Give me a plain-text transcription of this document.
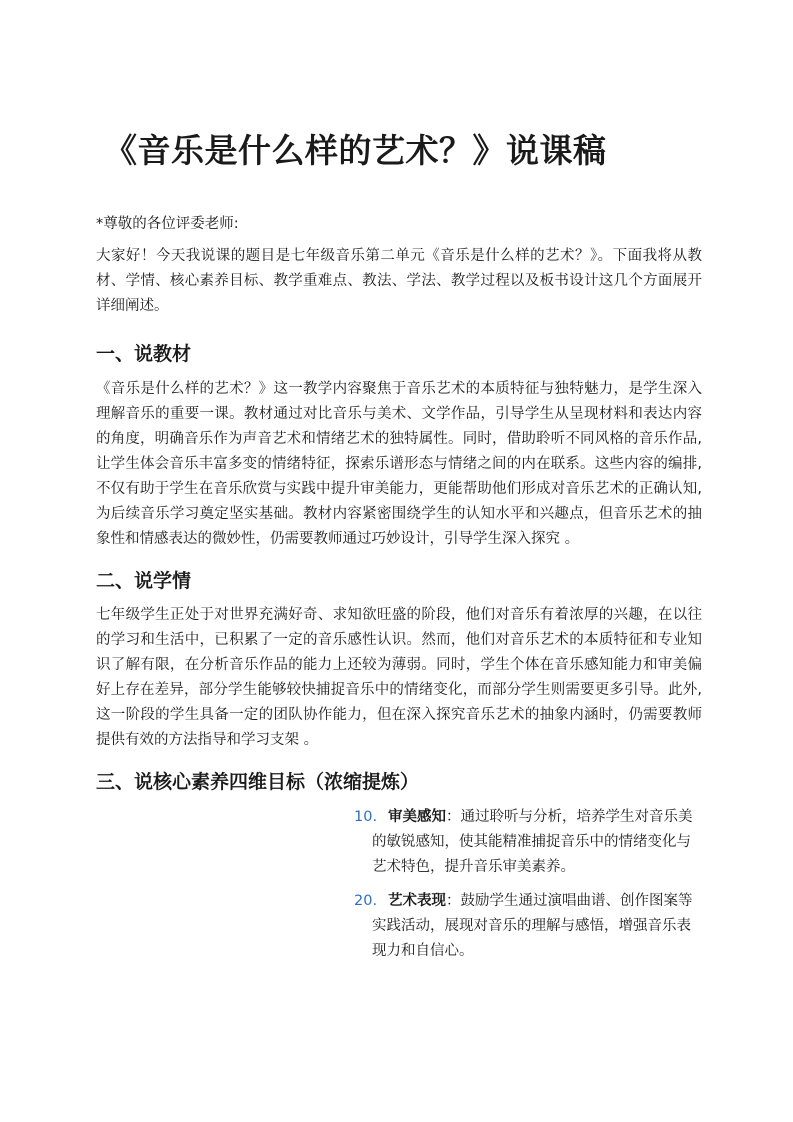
《音乐是什么样的艺术？》说课稿

*尊敬的各位评委老师:

大家好！今天我说课的题目是七年级音乐第二单元《音乐是什么样的艺术？》。下面我将从教材、学情、核心素养目标、教学重难点、教法、学法、教学过程以及板书设计这几个方面展开详细阐述。

一、说教材

《音乐是什么样的艺术？》这一教学内容聚焦于音乐艺术的本质特征与独特魅力，是学生深入理解音乐的重要一课。教材通过对比音乐与美术、文学作品，引导学生从呈现材料和表达内容的角度，明确音乐作为声音艺术和情绪艺术的独特属性。同时，借助聆听不同风格的音乐作品,让学生体会音乐丰富多变的情绪特征，探索乐谱形态与情绪之间的内在联系。这些内容的编排,不仅有助于学生在音乐欣赏与实践中提升审美能力，更能帮助他们形成对音乐艺术的正确认知,为后续音乐学习奠定坚实基础。教材内容紧密围绕学生的认知水平和兴趣点，但音乐艺术的抽象性和情感表达的微妙性，仍需要教师通过巧妙设计，引导学生深入探究 。

二、说学情

七年级学生正处于对世界充满好奇、求知欲旺盛的阶段，他们对音乐有着浓厚的兴趣，在以往的学习和生活中，已积累了一定的音乐感性认识。然而，他们对音乐艺术的本质特征和专业知识了解有限，在分析音乐作品的能力上还较为薄弱。同时，学生个体在音乐感知能力和审美偏好上存在差异，部分学生能够较快捕捉音乐中的情绪变化，而部分学生则需要更多引导。此外,这一阶段的学生具备一定的团队协作能力，但在深入探究音乐艺术的抽象内涵时，仍需要教师提供有效的方法指导和学习支架 。

三、说核心素养四维目标（浓缩提炼）
10. 审美感知：通过聆听与分析，培养学生对音乐美的敏锐感知，使其能精准捕捉音乐中的情绪变化与艺术特色，提升音乐审美素养。
20. 艺术表现：鼓励学生通过演唱曲谱、创作图案等实践活动，展现对音乐的理解与感悟，增强音乐表现力和自信心。
